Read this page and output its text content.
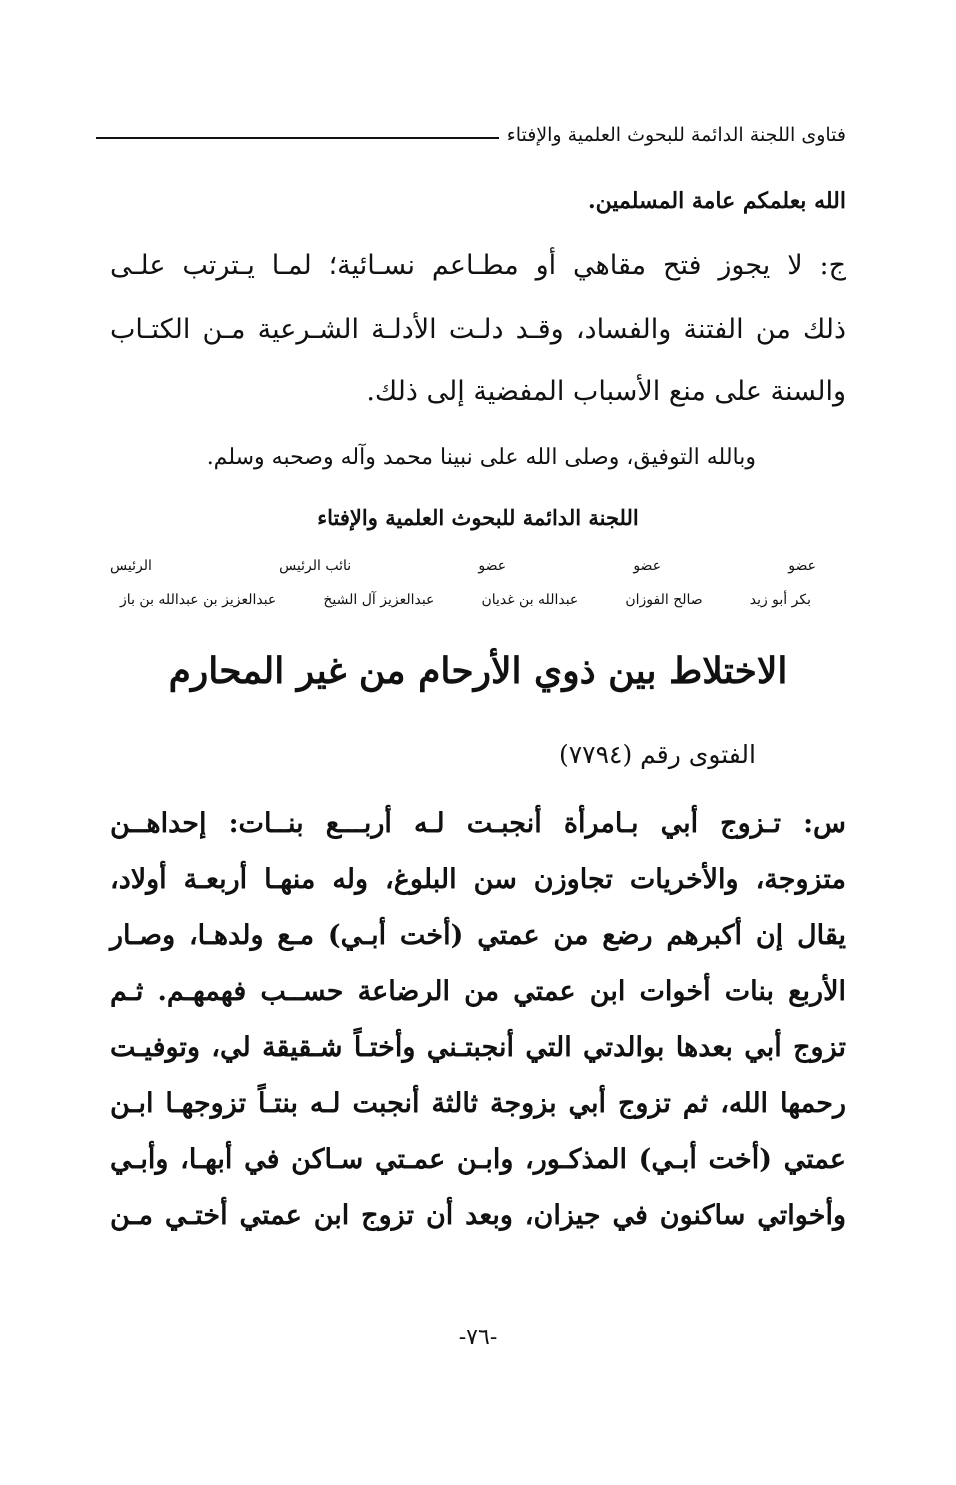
فتاوى اللجنة الدائمة للبحوث العلمية والإفتاء
الله بعلمكم عامة المسلمين.
ج: لا يجوز فتح مقاهي أو مطـاعم نسـائية؛ لمـا يـترتب علـى
ذلك من الفتنة والفساد، وقـد دلـت الأدلـة الشـرعية مـن الكتـاب
والسنة على منع الأسباب المفضية إلى ذلك.
وبالله التوفيق، وصلى الله على نبينا محمد وآله وصحبه وسلم.
اللجنة الدائمة للبحوث العلمية والإفتاء
عضو
عضو
عضو
نائب الرئيس
الرئيس
بكر أبو زيد
صالح الفوزان
عبدالله بن غديان
عبدالعزيز آل الشيخ
عبدالعزيز بن عبدالله بن باز
الاختلاط بين ذوي الأرحام من غير المحارم
الفتوى رقم (٧٧٩٤)
س: تـزوج أبي بـامرأة أنجبـت لـه أربـــع بنــات: إحداهــن
متزوجة، والأخريات تجاوزن سن البلوغ، وله منهـا أربعـة أولاد،
يقال إن أكبرهم رضع من عمتي (أخت أبـي) مـع ولدهـا، وصـار
الأربع بنات أخوات ابن عمتي من الرضاعة حســب فهمهـم. ثـم
تزوج أبي بعدها بوالدتي التي أنجبتـني وأختـاً شـقيقة لي، وتوفيـت
رحمها الله، ثم تزوج أبي بزوجة ثالثة أنجبت لـه بنتـاً تزوجهـا ابـن
عمتي (أخت أبـي) المذكـور، وابـن عمـتي سـاكن في أبهـا، وأبـي
وأخواتي ساكنون في جيزان، وبعد أن تزوج ابن عمتي أختـي مـن
-٧٦-
